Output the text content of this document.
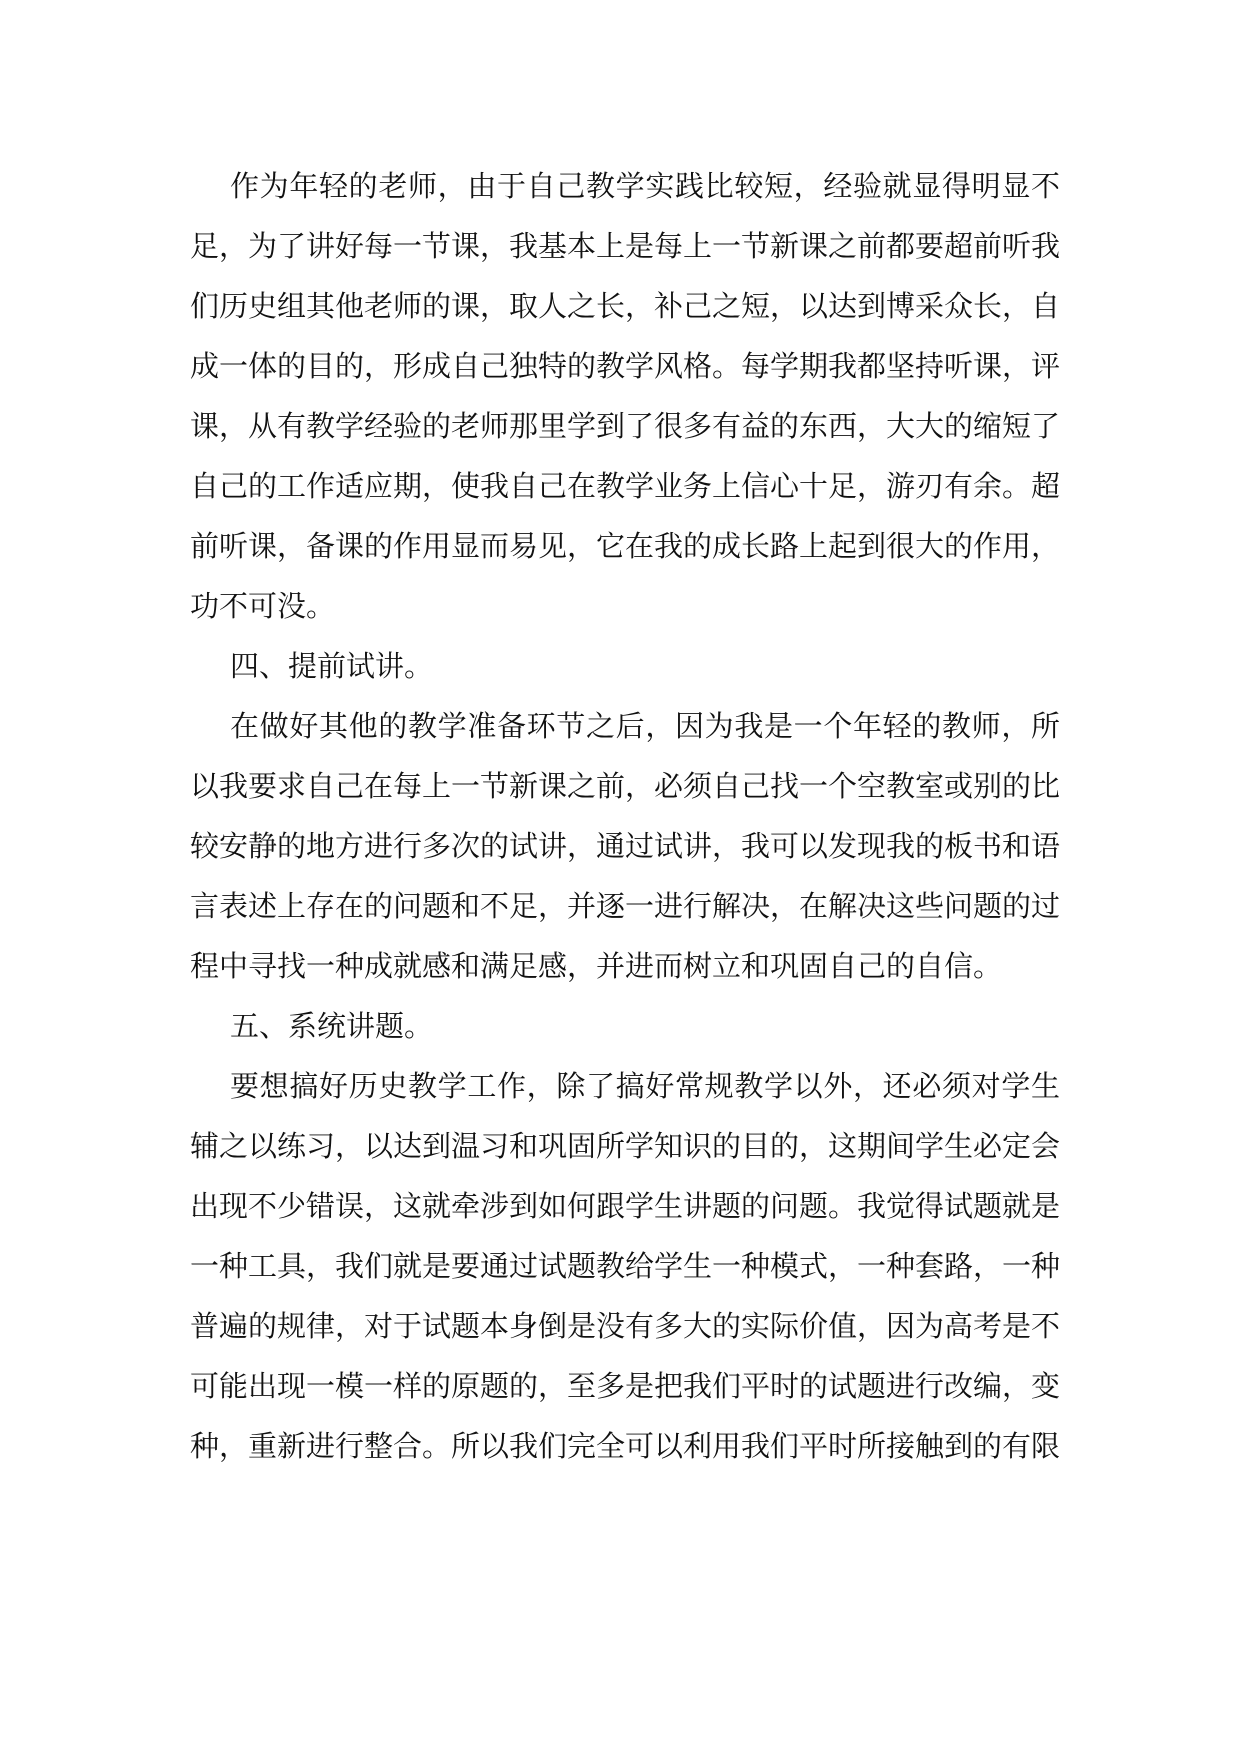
作为年轻的老师，由于自己教学实践比较短，经验就显得明显不
足，为了讲好每一节课，我基本上是每上一节新课之前都要超前听我
们历史组其他老师的课，取人之长，补己之短，以达到博采众长，自
成一体的目的，形成自己独特的教学风格。每学期我都坚持听课，评
课，从有教学经验的老师那里学到了很多有益的东西，大大的缩短了
自己的工作适应期，使我自己在教学业务上信心十足，游刃有余。超
前听课，备课的作用显而易见，它在我的成长路上起到很大的作用，
功不可没。
四、提前试讲。
在做好其他的教学准备环节之后，因为我是一个年轻的教师，所
以我要求自己在每上一节新课之前，必须自己找一个空教室或别的比
较安静的地方进行多次的试讲，通过试讲，我可以发现我的板书和语
言表述上存在的问题和不足，并逐一进行解决，在解决这些问题的过
程中寻找一种成就感和满足感，并进而树立和巩固自己的自信。
五、系统讲题。
要想搞好历史教学工作，除了搞好常规教学以外，还必须对学生
辅之以练习，以达到温习和巩固所学知识的目的，这期间学生必定会
出现不少错误，这就牵涉到如何跟学生讲题的问题。我觉得试题就是
一种工具，我们就是要通过试题教给学生一种模式，一种套路，一种
普遍的规律，对于试题本身倒是没有多大的实际价值，因为高考是不
可能出现一模一样的原题的，至多是把我们平时的试题进行改编，变
种，重新进行整合。所以我们完全可以利用我们平时所接触到的有限
